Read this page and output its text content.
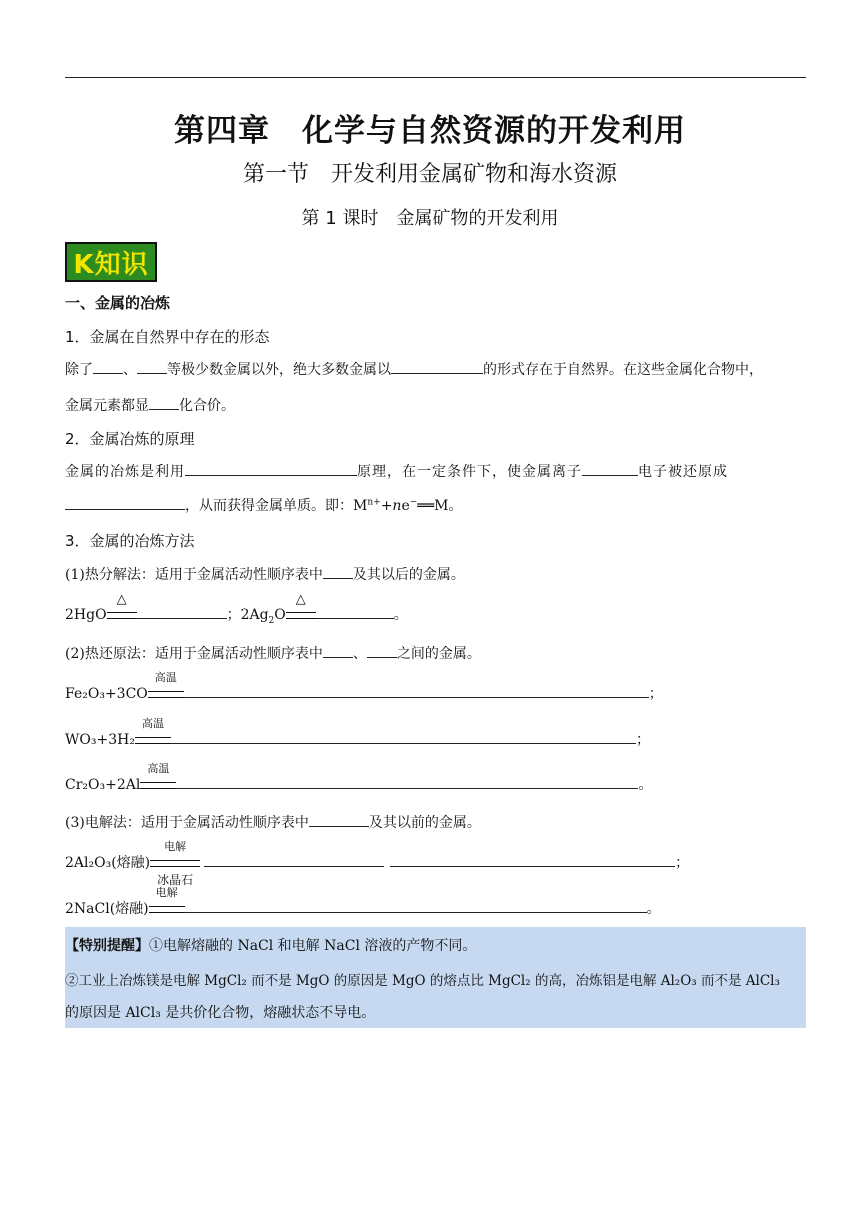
第四章　化学与自然资源的开发利用
第一节　开发利用金属矿物和海水资源
第 1 课时　金属矿物的开发利用
K知识
一、金属的冶炼
1．金属在自然界中存在的形态
除了 、 等极少数金属以外，绝大多数金属以	的形式存在于自然界。在这些金属化合物中，
金属元素都显 化合价。
2．金属冶炼的原理
金属的冶炼是利用	原理，在一定条件下，使金属离子	电子被还原成
，从而获得金属单质。即：$M^{n+}+ne^-══M$。
3．金属的冶炼方法
(1)热分解法：适用于金属活动性顺序表中 及其以后的金属。
2HgO
△
；$2Ag_2O$
△
。
(2)热还原法：适用于金属活动性顺序表中 、 之间的金属。
Fe₂O₃+3CO
高温
；
WO₃+3H₂
高温
；
Cr₂O₃+2Al
高温
。
(3)电解法：适用于金属活动性顺序表中	及其以前的金属。
2Al₂O₃(熔融)
电解
冰晶石
；
2NaCl(熔融)
电解
。
【特别提醒】①电解熔融的 NaCl 和电解 NaCl 溶液的产物不同。
②工业上冶炼镁是电解 MgCl₂ 而不是 MgO 的原因是 MgO 的熔点比 MgCl₂ 的高，冶炼铝是电解 Al₂O₃ 而不是 AlCl₃
的原因是 AlCl₃ 是共价化合物，熔融状态不导电。
